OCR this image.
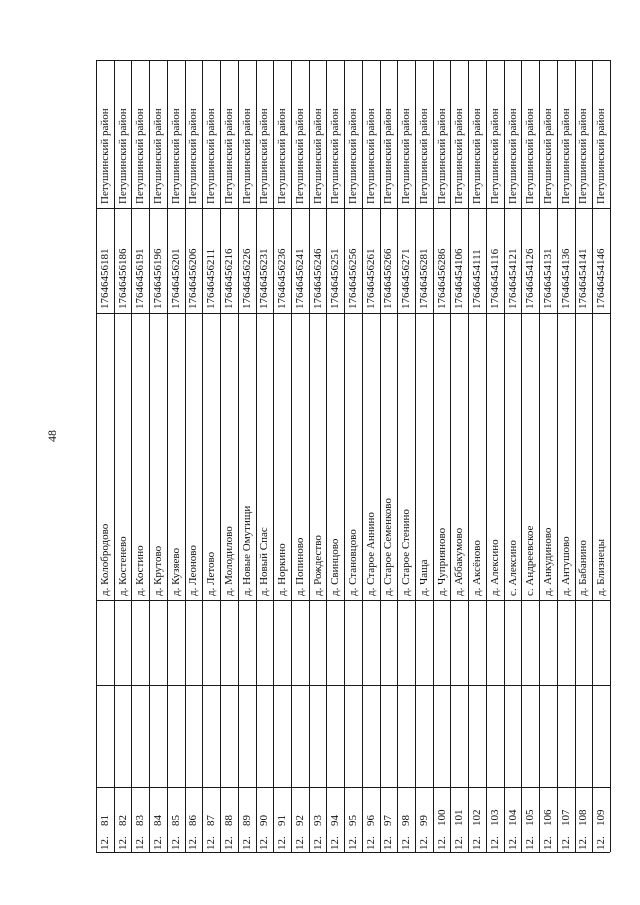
48
12.
81
д. Колобродово
17646456181
Петушинский район
12.
82
д. Костенево
17646456186
Петушинский район
12.
83
д. Костино
17646456191
Петушинский район
12.
84
д. Крутово
17646456196
Петушинский район
12.
85
д. Кузяево
17646456201
Петушинский район
12.
86
д. Леоново
17646456206
Петушинский район
12.
87
д. Летово
17646456211
Петушинский район
12.
88
д. Молодилово
17646456216
Петушинский район
12.
89
д. Новые Омутищи
17646456226
Петушинский район
12.
90
д. Новый Спас
17646456231
Петушинский район
12.
91
д. Норкино
17646456236
Петушинский район
12.
92
д. Попиново
17646456241
Петушинский район
12.
93
д. Рождество
17646456246
Петушинский район
12.
94
д. Свинцово
17646456251
Петушинский район
12.
95
д. Становцово
17646456256
Петушинский район
12.
96
д. Старое Аннино
17646456261
Петушинский район
12.
97
д. Старое Семенково
17646456266
Петушинский район
12.
98
д. Старое Стенино
17646456271
Петушинский район
12.
99
д. Чаща
17646456281
Петушинский район
12.
100
д. Чуприяново
17646456286
Петушинский район
12.
101
д. Аббакумово
17646454106
Петушинский район
12.
102
д. Аксёново
17646454111
Петушинский район
12.
103
д. Алексино
17646454116
Петушинский район
12.
104
с. Алексино
17646454121
Петушинский район
12.
105
с. Андреевское
17646454126
Петушинский район
12.
106
д. Анкудиново
17646454131
Петушинский район
12.
107
д. Антушово
17646454136
Петушинский район
12.
108
д. Бабанино
17646454141
Петушинский район
12.
109
д. Близнецы
17646454146
Петушинский район
